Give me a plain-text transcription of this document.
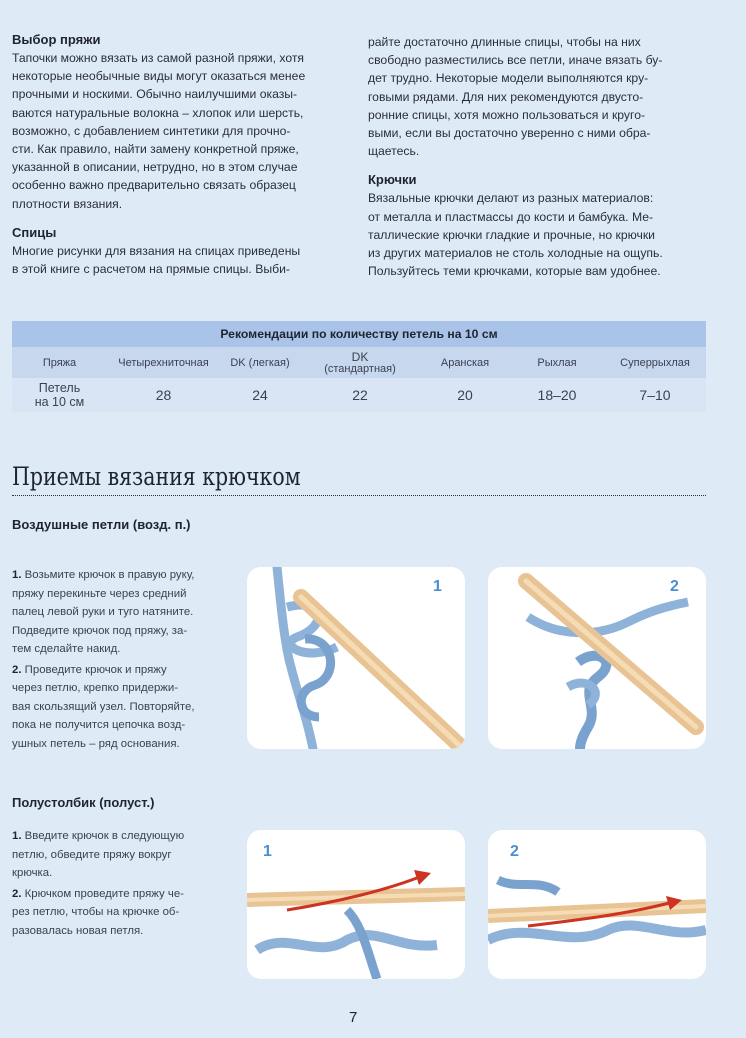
Выбор пряжи

Тапочки можно вязать из самой разной пряжи, хотя

некоторые необычные виды могут оказаться менее

прочными и носкими. Обычно наилучшими оказы-

ваются натуральные волокна – хлопок или шерсть,

возможно, с добавлением синтетики для прочно-

сти. Как правило, найти замену конкретной пряже,

указанной в описании, нетрудно, но в этом случае

особенно важно предварительно связать образец

плотности вязания.

Спицы

Многие рисунки для вязания на спицах приведены

в этой книге с расчетом на прямые спицы. Выби-

райте достаточно длинные спицы, чтобы на них

свободно разместились все петли, иначе вязать бу-

дет трудно. Некоторые модели выполняются кру-

говыми рядами. Для них рекомендуются двусто-

ронние спицы, хотя можно пользоваться и круго-

выми, если вы достаточно уверенно с ними обра-

щаетесь.

Крючки

Вязальные крючки делают из разных материалов:

от металла и пластмассы до кости и бамбука. Ме-

таллические крючки гладкие и прочные, но крючки

из других материалов не столь холодные на ощупь.

Пользуйтесь теми крючками, которые вам удобнее.

Рекомендации по количеству петель на 10 см
Пряжа	Четырехниточная	DK (легкая)	DK
(стандартная)	Аранская	Рыхлая	Суперрыхлая

Петель
на 10 см	28	24	22	20	18–20	7–10
Приемы вязания крючком
Воздушные петли (возд. п.)

1. Возьмите крючок в правую руку,
пряжу перекиньте через средний
палец левой руки и туго натяните.
Подведите крючок под пряжу, за-
тем сделайте накид.

2. Проведите крючок и пряжу
через петлю, крепко придержи-
вая скользящий узел. Повторяйте,
пока не получится цепочка возд-
ушных петель – ряд основания.

1	2
Полустолбик (полуст.)

1. Введите крючок в следующую
петлю, обведите пряжу вокруг
крючка.

2. Крючком проведите пряжу че-
рез петлю, чтобы на крючке об-
разовалась новая петля.

1	2
7
